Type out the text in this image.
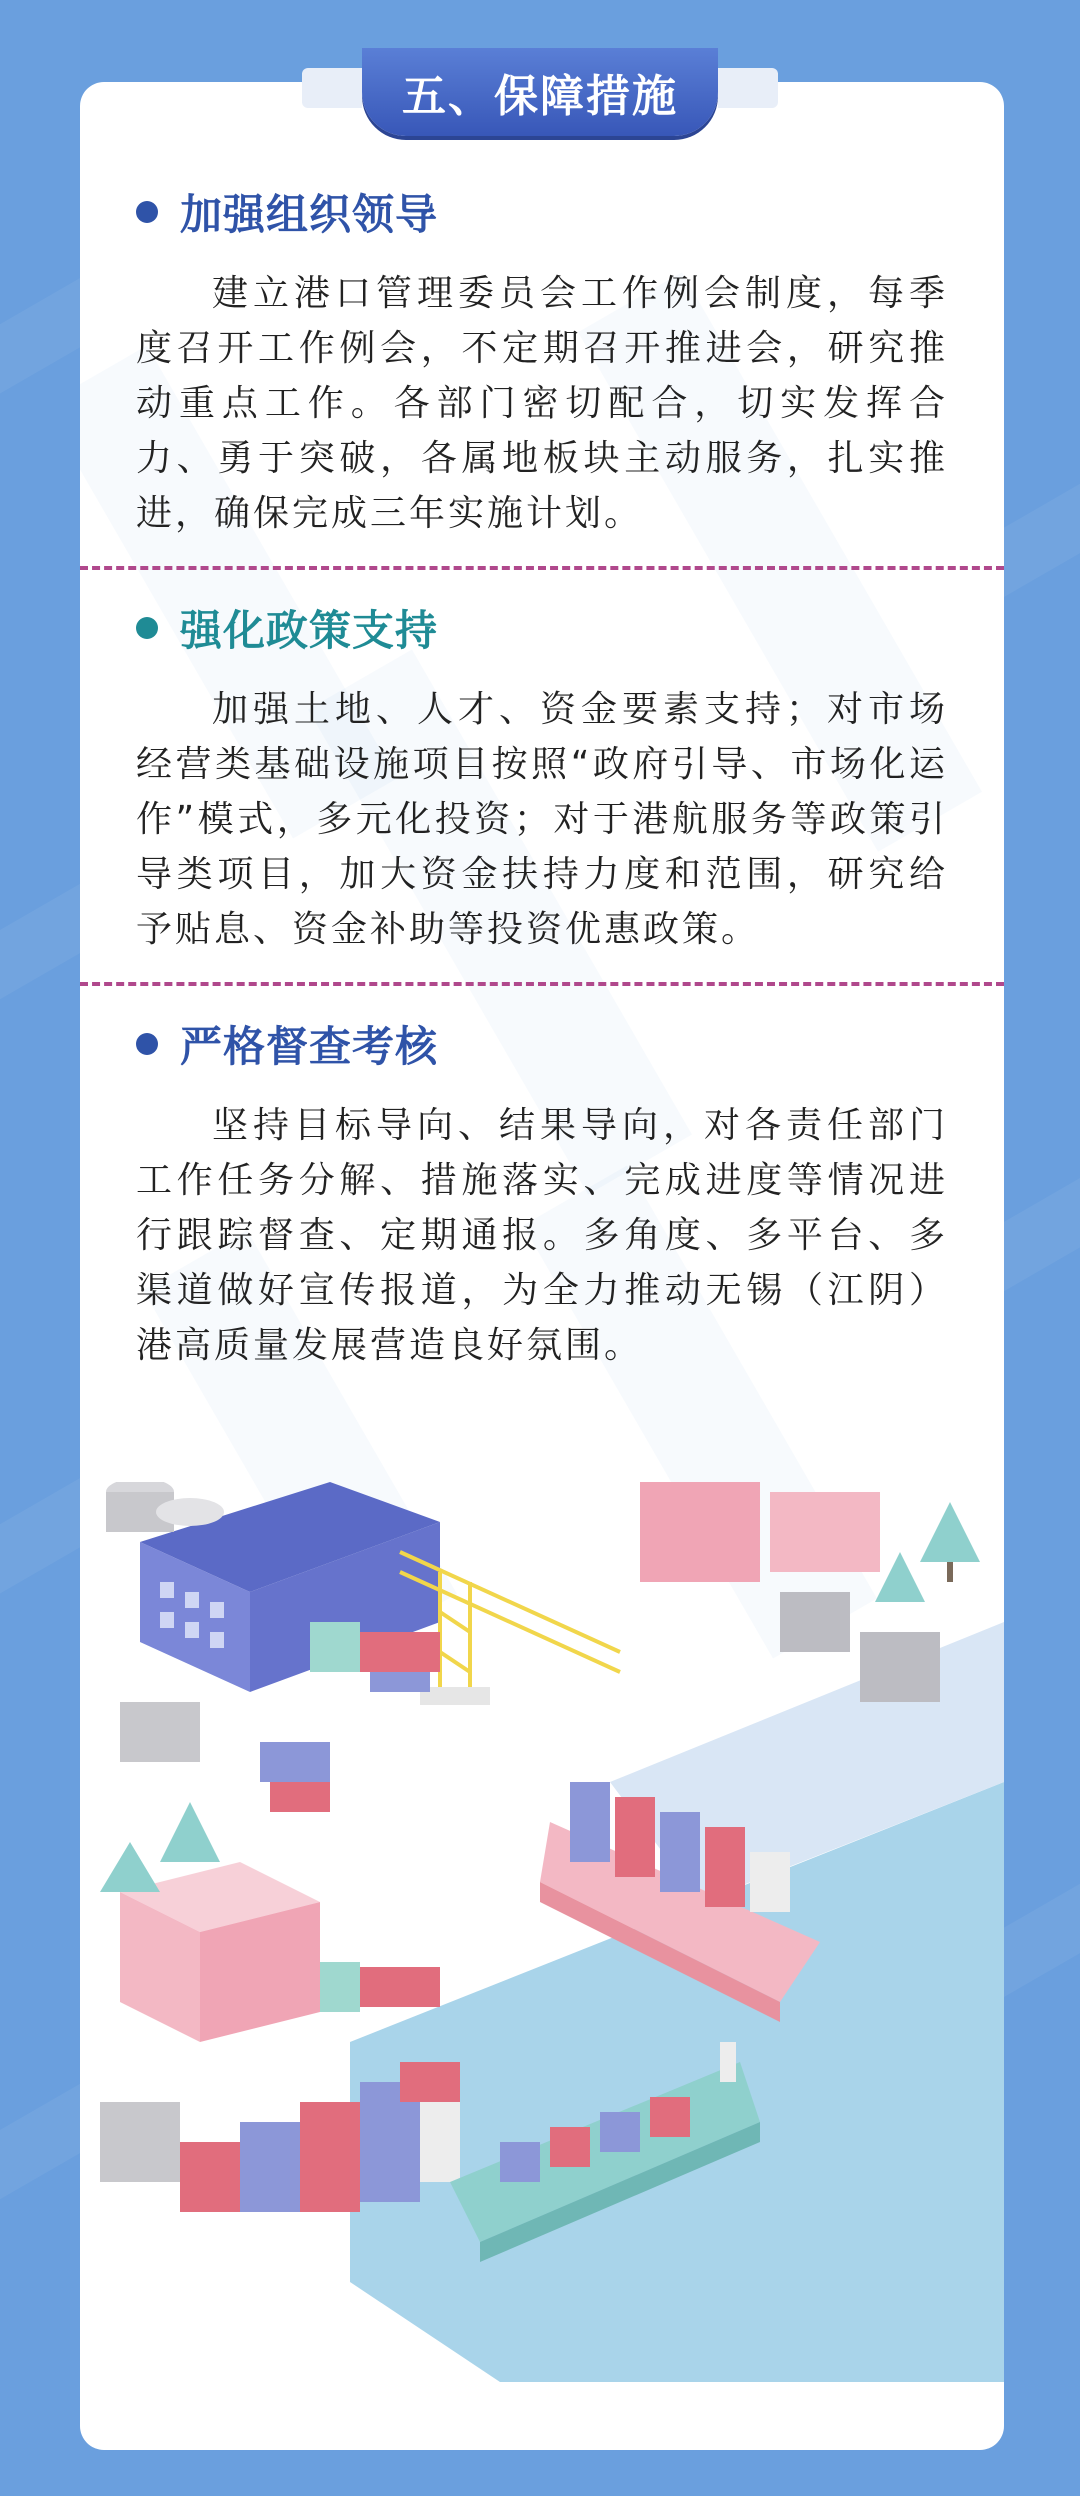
加强组织领导
建立港口管理委员会工作例会制度，每季度召开工作例会，不定期召开推进会，研究推动重点工作。各部门密切配合，切实发挥合力、勇于突破，各属地板块主动服务，扎实推进，确保完成三年实施计划。
强化政策支持
加强土地、人才、资金要素支持；对市场经营类基础设施项目按照“政府引导、市场化运作”模式，多元化投资；对于港航服务等政策引导类项目，加大资金扶持力度和范围，研究给予贴息、资金补助等投资优惠政策。
严格督查考核
坚持目标导向、结果导向，对各责任部门工作任务分解、措施落实、完成进度等情况进行跟踪督查、定期通报。多角度、多平台、多渠道做好宣传报道，为全力推动无锡（江阴）港高质量发展营造良好氛围。
五、保障措施
